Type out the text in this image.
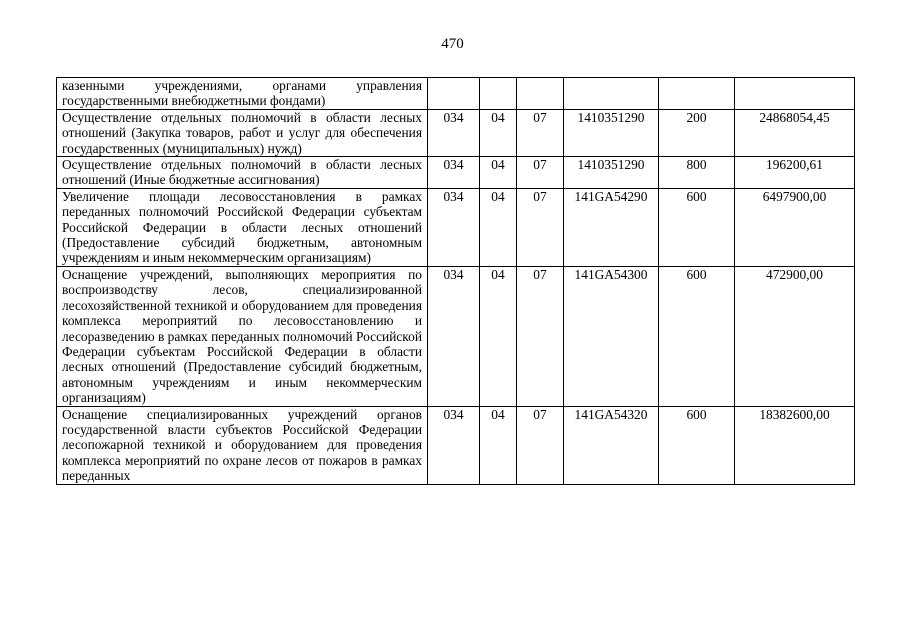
470
казенными учреждениями, органами управления государственными внебюджетными фондами)						
Осуществление отдельных полномочий в области лесных отношений (Закупка товаров, работ и услуг для обеспечения государственных (муниципальных) нужд)	034	04	07	1410351290	200	24868054,45
Осуществление отдельных полномочий в области лесных отношений (Иные бюджетные ассигнования)	034	04	07	1410351290	800	196200,61
Увеличение площади лесовосстановления в рамках переданных полномочий Российской Федерации субъектам Российской Федерации в области лесных отношений (Предоставление субсидий бюджетным, автономным учреждениям и иным некоммерческим организациям)	034	04	07	141GA54290	600	6497900,00
Оснащение учреждений, выполняющих мероприятия по воспроизводству лесов, специализированной лесохозяйственной техникой и оборудованием для проведения комплекса мероприятий по лесовосстановлению и лесоразведению в рамках переданных полномочий Российской Федерации субъектам Российской Федерации в области лесных отношений (Предоставление субсидий бюджетным, автономным учреждениям и иным некоммерческим организациям)	034	04	07	141GA54300	600	472900,00
Оснащение специализированных учреждений органов государственной власти субъектов Российской Федерации лесопожарной техникой и оборудованием для проведения комплекса мероприятий по охране лесов от пожаров в рамках переданных	034	04	07	141GA54320	600	18382600,00
